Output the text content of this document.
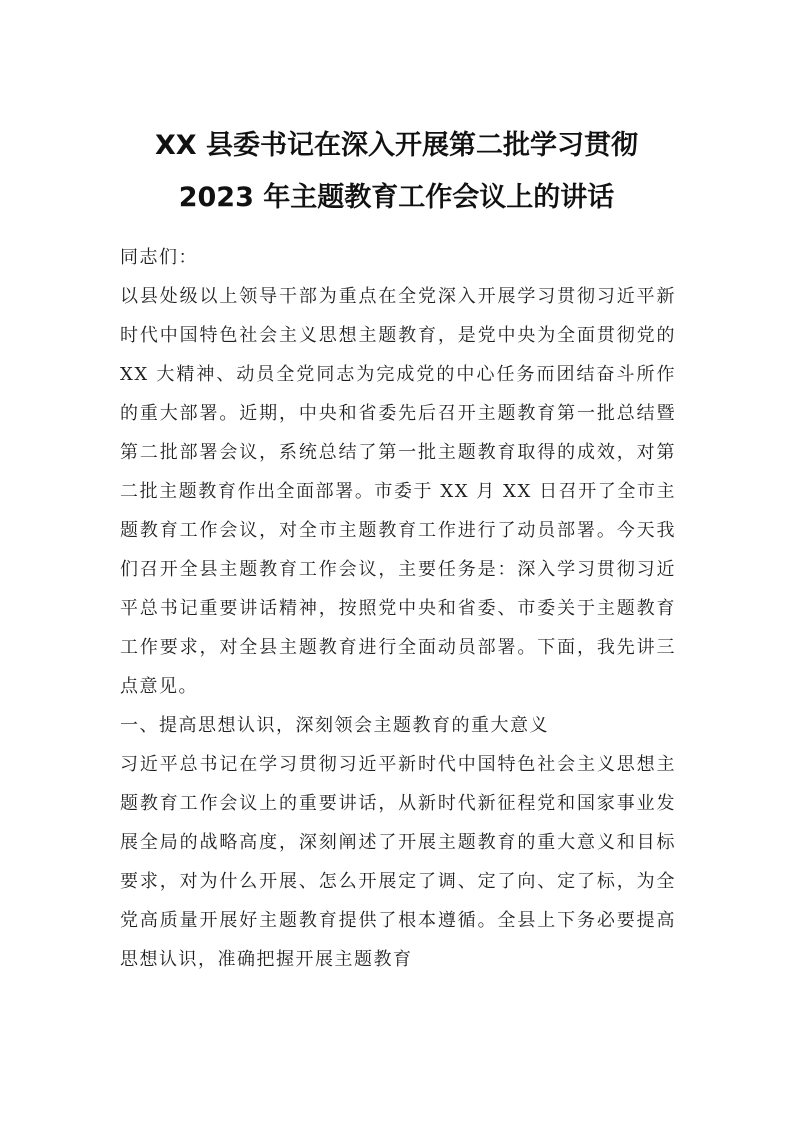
XX 县委书记在深入开展第二批学习贯彻
2023 年主题教育工作会议上的讲话

同志们：

以县处级以上领导干部为重点在全党深入开展学习贯彻习近平新时代中国特色社会主义思想主题教育，是党中央为全面贯彻党的 XX 大精神、动员全党同志为完成党的中心任务而团结奋斗所作的重大部署。近期，中央和省委先后召开主题教育第一批总结暨第二批部署会议，系统总结了第一批主题教育取得的成效，对第二批主题教育作出全面部署。市委于 XX 月 XX 日召开了全市主题教育工作会议，对全市主题教育工作进行了动员部署。今天我们召开全县主题教育工作会议，主要任务是：深入学习贯彻习近平总书记重要讲话精神，按照党中央和省委、市委关于主题教育工作要求，对全县主题教育进行全面动员部署。下面，我先讲三点意见。

一、提高思想认识，深刻领会主题教育的重大意义

习近平总书记在学习贯彻习近平新时代中国特色社会主义思想主题教育工作会议上的重要讲话，从新时代新征程党和国家事业发展全局的战略高度，深刻阐述了开展主题教育的重大意义和目标要求，对为什么开展、怎么开展定了调、定了向、定了标，为全党高质量开展好主题教育提供了根本遵循。全县上下务必要提高思想认识，准确把握开展主题教育
